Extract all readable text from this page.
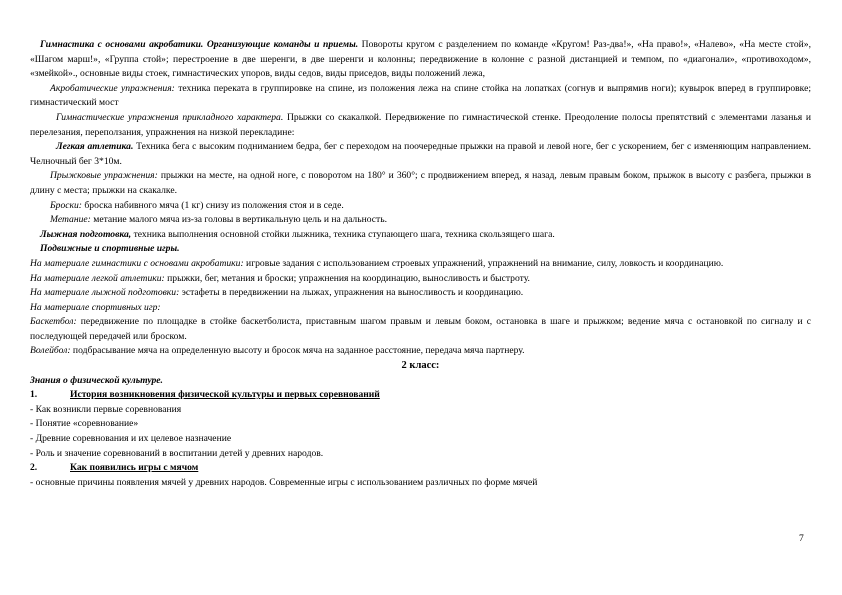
Гимнастика с основами акробатики. Организующие команды и приемы. Повороты кругом с разделением по команде «Кругом! Раз-два!», «На право!», «Налево», «На месте стой», «Шагом марш!», «Группа стой»; перестроение в две шеренги, в две шеренги и колонны; передвижение в колонне с разной дистанцией и темпом, по «диагонали», «противоходом», «змейкой»., основные виды стоек, гимнастических упоров, виды седов, виды приседов, виды положений лежа,

Акробатические упражнения: техника переката в группировке на спине, из положения лежа на спине стойка на лопатках (согнув и выпрямив ноги); кувырок вперед в группировке; гимнастический мост

Гимнастические упражнения прикладного характера. Прыжки со скакалкой. Передвижение по гимнастической стенке. Преодоление полосы препятствий с элементами лазанья и перелезания, переползания, упражнения на низкой перекладине:

Легкая атлетика. Техника бега с высоким подниманием бедра, бег с переходом на поочередные прыжки на правой и левой ноге, бег с ускорением, бег с изменяющим направлением. Челночный бег 3*10м.

Прыжковые упражнения: прыжки на месте, на одной ноге, с поворотом на 180° и 360°; с продвижением вперед, я назад, левым правым боком, прыжок в высоту с разбега, прыжки в длину с места; прыжки на скакалке.

Броски: броска набивного мяча (1 кг) снизу из положения стоя и в седе.

Метание: метание малого мяча из-за головы в вертикальную цель и на дальность.

Лыжная подготовка, техника выполнения основной стойки лыжника, техника ступающего шага, техника скользящего шага.

Подвижные и спортивные игры.

На материале гимнастики с основами акробатики: игровые задания с использованием строевых упражнений, упражнений на внимание, силу, ловкость и координацию.

На материале легкой атлетики: прыжки, бег, метания и броски; упражнения на координацию, выносливость и быстроту.

На материале лыжной подготовки: эстафеты в передвижении на лыжах, упражнения на выносливость и координацию.

На материале спортивных игр:

Баскетбол: передвижение по площадке в стойке баскетболиста, приставным шагом правым и левым боком, остановка в шаге и прыжком; ведение мяча с остановкой по сигналу и с последующей передачей или броском.

Волейбол: подбрасывание мяча на определенную высоту и бросок мяча на заданное расстояние, передача мяча партнеру.

2 класс:

Знания о физической культуре.

1.	История возникновения физической культуры и первых соревнований

- Как возникли первые соревнования

- Понятие «соревнование»

- Древние соревнования и их целевое назначение

- Роль и значение соревнований в воспитании детей у древних народов.

2.	Как появились игры с мячом

- основные причины появления мячей у древних народов. Современные игры с использованием различных по форме мячей

7
